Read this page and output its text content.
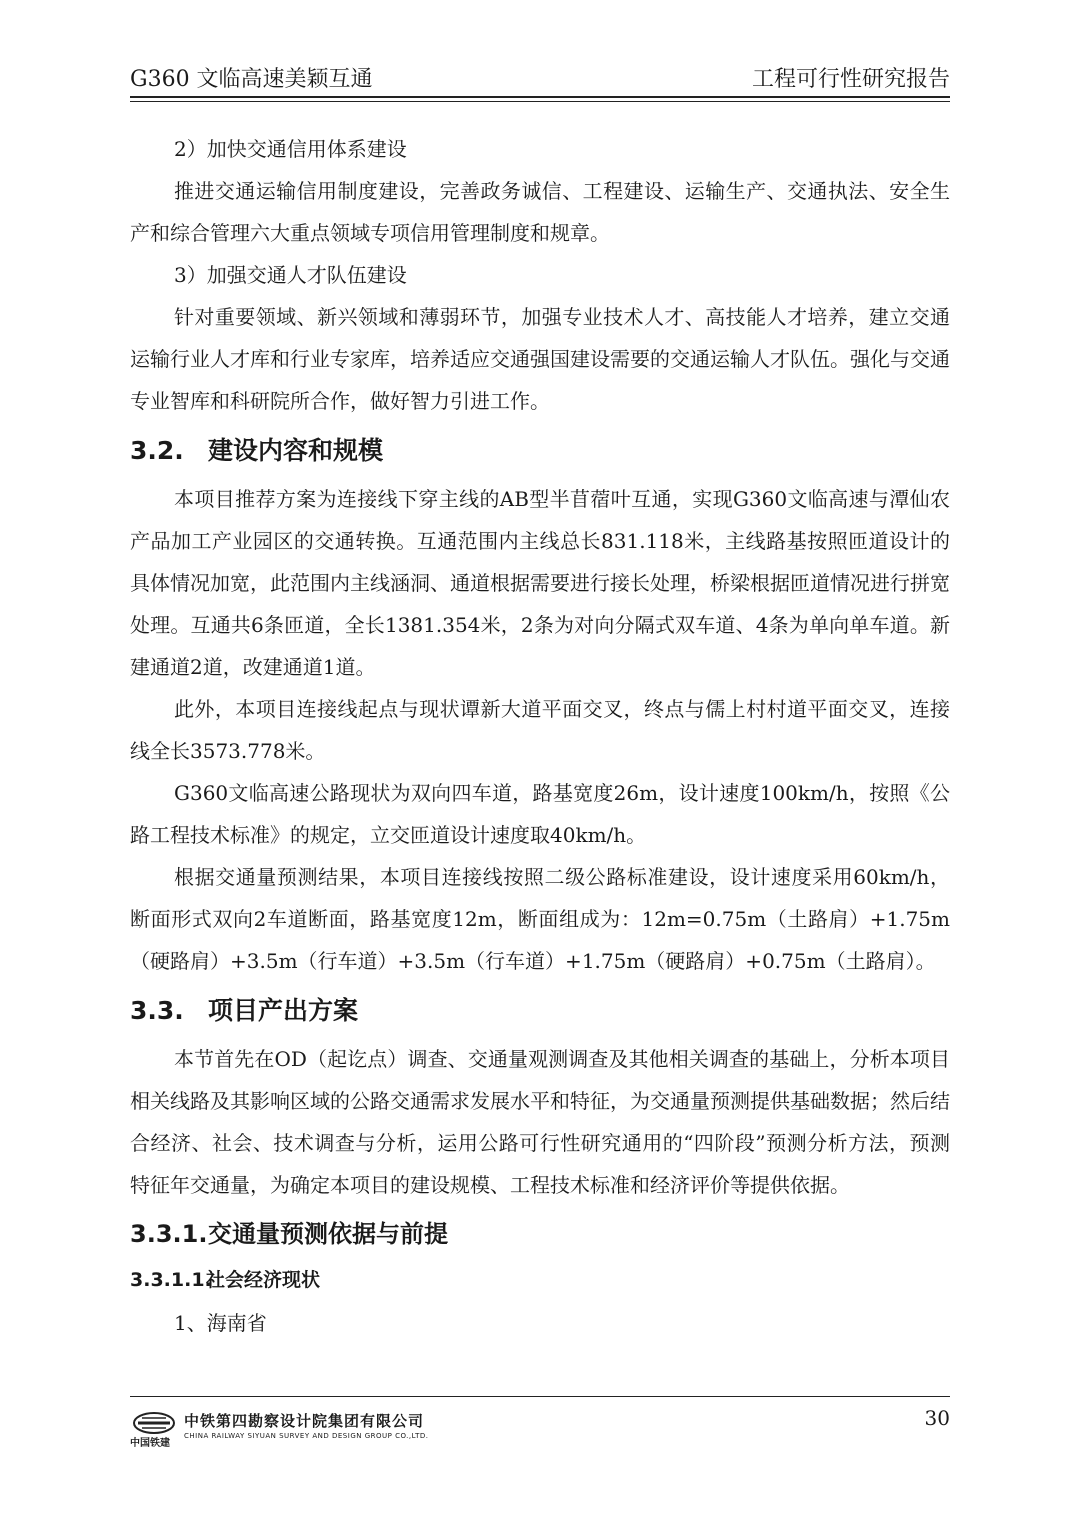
G360 文临高速美颖互通	工程可行性研究报告

2）加快交通信用体系建设

推进交通运输信用制度建设，完善政务诚信、工程建设、运输生产、交通执法、安全生产和综合管理六大重点领域专项信用管理制度和规章。

3）加强交通人才队伍建设

针对重要领域、新兴领域和薄弱环节，加强专业技术人才、高技能人才培养，建立交通运输行业人才库和行业专家库，培养适应交通强国建设需要的交通运输人才队伍。强化与交通专业智库和科研院所合作，做好智力引进工作。

3.2. 建设内容和规模

本项目推荐方案为连接线下穿主线的AB型半苜蓿叶互通，实现G360文临高速与潭仙农产品加工产业园区的交通转换。互通范围内主线总长831.118米，主线路基按照匝道设计的具体情况加宽，此范围内主线涵洞、通道根据需要进行接长处理，桥梁根据匝道情况进行拼宽处理。互通共6条匝道，全长1381.354米，2条为对向分隔式双车道、4条为单向单车道。新建通道2道，改建通道1道。

此外，本项目连接线起点与现状谭新大道平面交叉，终点与儒上村村道平面交叉，连接线全长3573.778米。

G360文临高速公路现状为双向四车道，路基宽度26m，设计速度100km/h，按照《公路工程技术标准》的规定，立交匝道设计速度取40km/h。

根据交通量预测结果，本项目连接线按照二级公路标准建设，设计速度采用60km/h，断面形式双向2车道断面，路基宽度12m，断面组成为：12m=0.75m（土路肩）+1.75m（硬路肩）+3.5m（行车道）+3.5m（行车道）+1.75m（硬路肩）+0.75m（土路肩）。

3.3. 项目产出方案

本节首先在OD（起讫点）调查、交通量观测调查及其他相关调查的基础上，分析本项目相关线路及其影响区域的公路交通需求发展水平和特征，为交通量预测提供基础数据；然后结合经济、社会、技术调查与分析，运用公路可行性研究通用的“四阶段”预测分析方法，预测特征年交通量，为确定本项目的建设规模、工程技术标准和经济评价等提供依据。

3.3.1.交通量预测依据与前提
3.3.1.1.社会经济现状

1、海南省

中国铁建
中铁第四勘察设计院集团有限公司
CHINA RAILWAY SIYUAN SURVEY AND DESIGN GROUP CO.,LTD.
30
